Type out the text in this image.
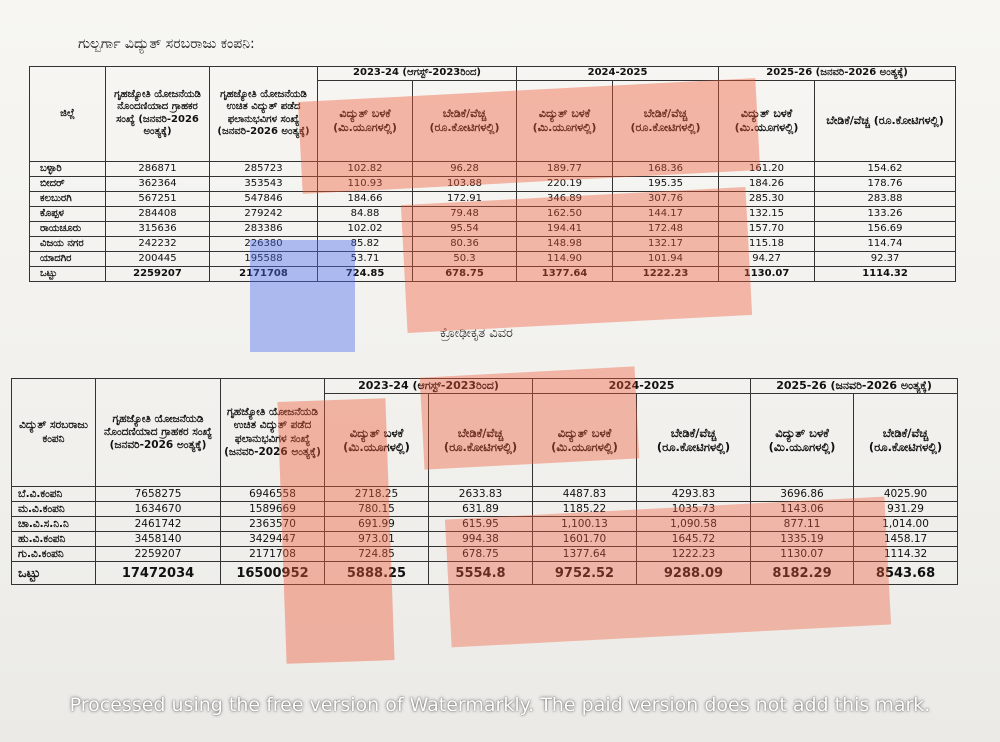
ಗುಲ್ಬರ್ಗಾ ವಿದ್ಯುತ್ ಸರಬರಾಜು ಕಂಪನಿ:
ಜಿಲ್ಲೆ	ಗೃಹಜ್ಯೋತಿ ಯೋಜನೆಯಡಿ ನೊಂದಣಿಯಾದ ಗ್ರಾಹಕರ ಸಂಖ್ಯೆ (ಜನವರಿ-2026 ಅಂತ್ಯಕ್ಕೆ)	ಗೃಹಜ್ಯೋತಿ ಯೋಜನೆಯಡಿ ಉಚಿತ ವಿದ್ಯುತ್ ಪಡೆದ ಫಲಾನುಭವಿಗಳ ಸಂಖ್ಯೆ (ಜನವರಿ-2026 ಅಂತ್ಯಕ್ಕೆ)	2023-24 (ಆಗಸ್ಟ್-2023ರಿಂದ)		2024-2025		2025-26 (ಜನವರಿ-2026 ಅಂತ್ಯಕ್ಕೆ)	
			ವಿದ್ಯುತ್ ಬಳಕೆ (ಮಿ.ಯೂಗಳಲ್ಲಿ)	ಬೇಡಿಕೆ/ವೆಚ್ಚ (ರೂ.ಕೋಟಿಗಳಲ್ಲಿ)	ವಿದ್ಯುತ್ ಬಳಕೆ (ಮಿ.ಯೂಗಳಲ್ಲಿ)	ಬೇಡಿಕೆ/ವೆಚ್ಚ (ರೂ.ಕೋಟಿಗಳಲ್ಲಿ)	ವಿದ್ಯುತ್ ಬಳಕೆ (ಮಿ.ಯೂಗಳಲ್ಲಿ)	ಬೇಡಿಕೆ/ವೆಚ್ಚ (ರೂ.ಕೋಟಿಗಳಲ್ಲಿ)
ಬಳ್ಳಾರಿ	286871	285723	102.82	96.28	189.77	168.36	161.20	154.62
ಬೀದರ್	362364	353543	110.93	103.88	220.19	195.35	184.26	178.76
ಕಲಬುರಗಿ	567251	547846	184.66	172.91	346.89	307.76	285.30	283.88
ಕೊಪ್ಪಳ	284408	279242	84.88	79.48	162.50	144.17	132.15	133.26
ರಾಯಚೂರು	315636	283386	102.02	95.54	194.41	172.48	157.70	156.69
ವಿಜಯ ನಗರ	242232	226380	85.82	80.36	148.98	132.17	115.18	114.74
ಯಾದಗಿರ	200445	195588	53.71	50.3	114.90	101.94	94.27	92.37
ಒಟ್ಟು	2259207	2171708	724.85	678.75	1377.64	1222.23	1130.07	1114.32
ಕ್ರೋಢೀಕೃತ ವಿವರ
ವಿದ್ಯುತ್ ಸರಬರಾಜು ಕಂಪನಿ	ಗೃಹಜ್ಯೋತಿ ಯೋಜನೆಯಡಿ ನೊಂದಣಿಯಾದ ಗ್ರಾಹಕರ ಸಂಖ್ಯೆ (ಜನವರಿ-2026 ಅಂತ್ಯಕ್ಕೆ)	ಗೃಹಜ್ಯೋತಿ ಯೋಜನೆಯಡಿ ಉಚಿತ ವಿದ್ಯುತ್ ಪಡೆದ ಫಲಾನುಭವಿಗಳ ಸಂಖ್ಯೆ (ಜನವರಿ-2026 ಅಂತ್ಯಕ್ಕೆ)	2023-24 (ಆಗಸ್ಟ್-2023ರಿಂದ)		2024-2025		2025-26 (ಜನವರಿ-2026 ಅಂತ್ಯಕ್ಕೆ)	
			ವಿದ್ಯುತ್ ಬಳಕೆ (ಮಿ.ಯೂಗಳಲ್ಲಿ)	ಬೇಡಿಕೆ/ವೆಚ್ಚ (ರೂ.ಕೋಟಿಗಳಲ್ಲಿ)	ವಿದ್ಯುತ್ ಬಳಕೆ (ಮಿ.ಯೂಗಳಲ್ಲಿ)	ಬೇಡಿಕೆ/ವೆಚ್ಚ (ರೂ.ಕೋಟಿಗಳಲ್ಲಿ)	ವಿದ್ಯುತ್ ಬಳಕೆ (ಮಿ.ಯೂಗಳಲ್ಲಿ)	ಬೇಡಿಕೆ/ವೆಚ್ಚ (ರೂ.ಕೋಟಿಗಳಲ್ಲಿ)
ಬೆ.ವಿ.ಕಂಪನಿ	7658275	6946558	2718.25	2633.83	4487.83	4293.83	3696.86	4025.90
ಮ.ವಿ.ಕಂಪನಿ	1634670	1589669	780.15	631.89	1185.22	1035.73	1143.06	931.29
ಚಾ.ವಿ.ಸ.ನಿ.ನಿ	2461742	2363570	691.99	615.95	1,100.13	1,090.58	877.11	1,014.00
ಹು.ವಿ.ಕಂಪನಿ	3458140	3429447	973.01	994.38	1601.70	1645.72	1335.19	1458.17
ಗು.ವಿ.ಕಂಪನಿ	2259207	2171708	724.85	678.75	1377.64	1222.23	1130.07	1114.32
ಒಟ್ಟು	17472034	16500952	5888.25	5554.8	9752.52	9288.09	8182.29	8543.68
Processed using the free version of Watermarkly. The paid version does not add this mark.
